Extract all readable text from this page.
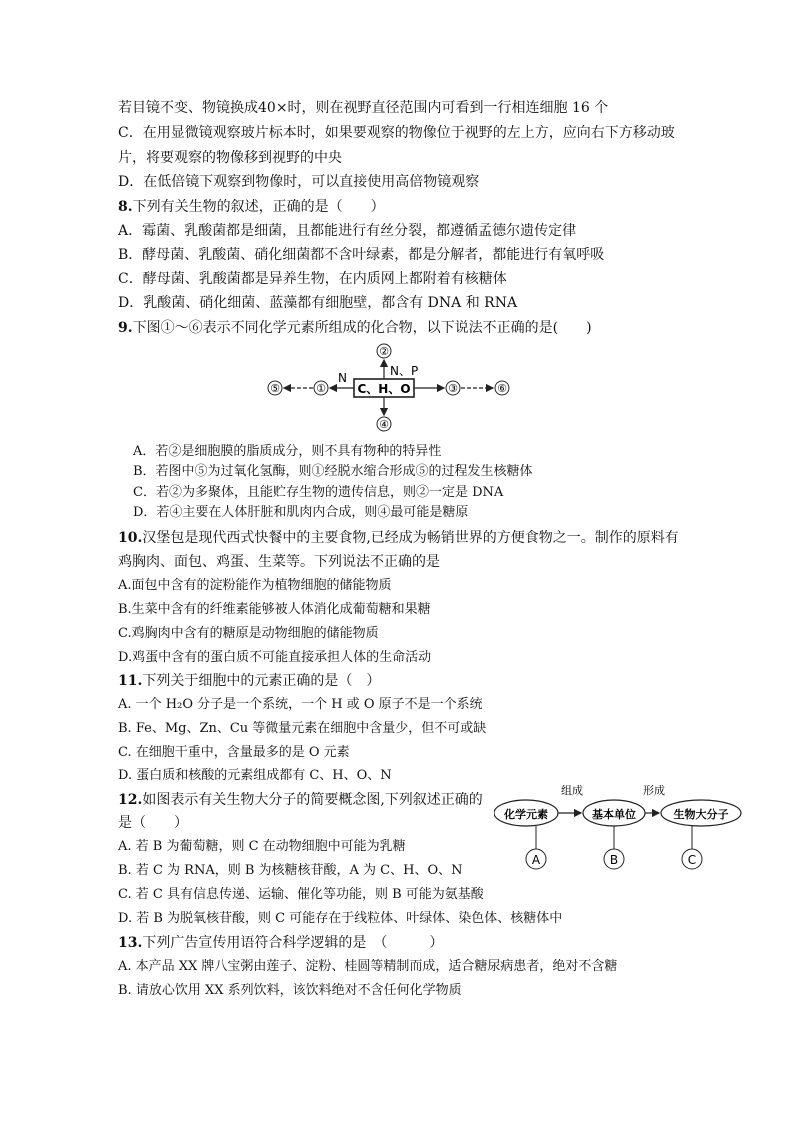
若目镜不变、物镜换成40×时，则在视野直径范围内可看到一行相连细胞 16 个
C．在用显微镜观察玻片标本时，如果要观察的物像位于视野的左上方，应向右下方移动玻
片，将要观察的物像移到视野的中央
D．在低倍镜下观察到物像时，可以直接使用高倍物镜观察
8.下列有关生物的叙述，正确的是（　　）
A．霉菌、乳酸菌都是细菌，且都能进行有丝分裂，都遵循孟德尔遗传定律
B．酵母菌、乳酸菌、硝化细菌都不含叶绿素，都是分解者，都能进行有氧呼吸
C．酵母菌、乳酸菌都是异养生物，在内质网上都附着有核糖体
D．乳酸菌、硝化细菌、蓝藻都有细胞壁，都含有 DNA 和 RNA
9.下图①～⑥表示不同化学元素所组成的化合物，以下说法不正确的是(　　)
C、H、O
②
N、P
④
N
①
⑤	③	⑥
A．若②是细胞膜的脂质成分，则不具有物种的特异性
B．若图中⑤为过氧化氢酶，则①经脱水缩合形成⑤的过程发生核糖体
C．若②为多聚体，且能贮存生物的遗传信息，则②一定是 DNA
D．若④主要在人体肝脏和肌肉内合成，则④最可能是糖原
10.汉堡包是现代西式快餐中的主要食物,已经成为畅销世界的方便食物之一。制作的原料有
鸡胸肉、面包、鸡蛋、生菜等。下列说法不正确的是
A.面包中含有的淀粉能作为植物细胞的储能物质
B.生菜中含有的纤维素能够被人体消化成葡萄糖和果糖
C.鸡胸肉中含有的糖原是动物细胞的储能物质
D.鸡蛋中含有的蛋白质不可能直接承担人体的生命活动
11.下列关于细胞中的元素正确的是（　）
A. 一个 H₂O 分子是一个系统，一个 H 或 O 原子不是一个系统
B. Fe、Mg、Zn、Cu 等微量元素在细胞中含量少，但不可或缺
C. 在细胞干重中，含量最多的是 O 元素
D. 蛋白质和核酸的元素组成都有 C、H、O、N
12.如图表示有关生物大分子的简要概念图,下列叙述正确的
是（　　）
组成	形成
化学元素	基本单位	生物大分子
A	B	C
A. 若 B 为葡萄糖，则 C 在动物细胞中可能为乳糖
B. 若 C 为 RNA，则 B 为核糖核苷酸，A 为 C、H、O、N
C. 若 C 具有信息传递、运输、催化等功能，则 B 可能为氨基酸
D. 若 B 为脱氧核苷酸，则 C 可能存在于线粒体、叶绿体、染色体、核糖体中
13.下列广告宣传用语符合科学逻辑的是　（　　　）
A. 本产品 XX 牌八宝粥由莲子、淀粉、桂圆等精制而成，适合糖尿病患者，绝对不含糖
B. 请放心饮用 XX 系列饮料，该饮料绝对不含任何化学物质
